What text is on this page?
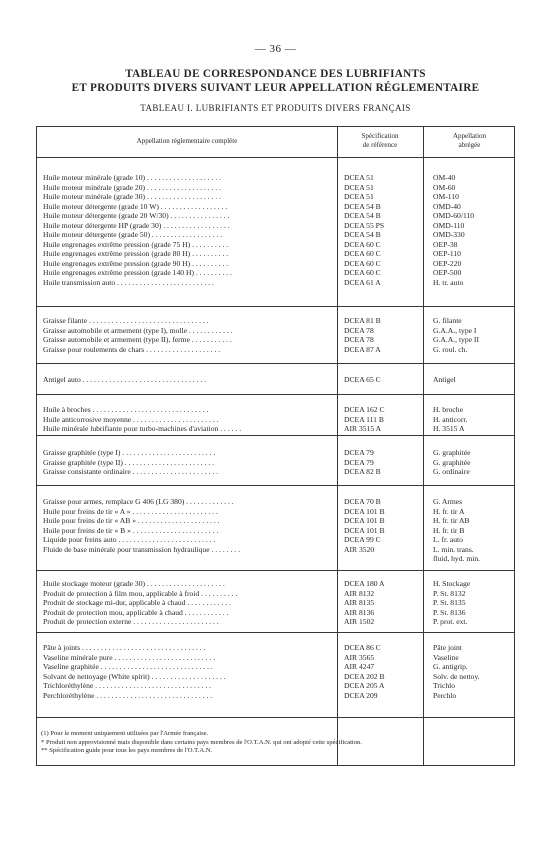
— 36 —
TABLEAU DE CORRESPONDANCE DES LUBRIFIANTS
ET PRODUITS DIVERS SUIVANT LEUR APPELLATION RÉGLEMENTAIRE
TABLEAU I. LUBRIFIANTS ET PRODUITS DIVERS FRANÇAIS
Appellation réglementaire complète
Spécification
de référence
Appellation
abrégée
Huile moteur minérale (grade 10) . . . . . . . . . . . . . . . . . . . .	DCEA 51	OM-40
Huile moteur minérale (grade 20) . . . . . . . . . . . . . . . . . . . .	DCEA 51	OM-60
Huile moteur minérale (grade 30) . . . . . . . . . . . . . . . . . . . .	DCEA 51	OM-110
Huile moteur détergente (grade 10 W) . . . . . . . . . . . . . . . . . .	DCEA 54 B	OMD-40
Huile moteur détergente (grade 20 W/30) . . . . . . . . . . . . . . . .	DCEA 54 B	OMD-60/110
Huile moteur détergente HP (grade 30) . . . . . . . . . . . . . . . . . .	DCEA 55 PS	OMD-110
Huile moteur détergente (grade 50) . . . . . . . . . . . . . . . . . . .	DCEA 54 B	OMD-330
Huile engrenages extrême pression (grade 75 H) . . . . . . . . . .	DCEA 60 C	OEP-38
Huile engrenages extrême pression (grade 80 H) . . . . . . . . . .	DCEA 60 C	OEP-110
Huile engrenages extrême pression (grade 90 H) . . . . . . . . . .	DCEA 60 C	OEP-220
Huile engrenages extrême pression (grade 140 H) . . . . . . . . . .	DCEA 60 C	OEP-500
Huile transmission auto . . . . . . . . . . . . . . . . . . . . . . . . . .	DCEA 61 A	H. tr. auto
Graisse filante . . . . . . . . . . . . . . . . . . . . . . . . . . . . . . . .	DCEA 81 B	G. filante
Graisse automobile et armement (type I), molle . . . . . . . . . . . .	DCEA 78	G.A.A., type I
Graisse automobile et armement (type II), ferme . . . . . . . . . . .	DCEA 78	G.A.A., type II
Graisse pour roulements de chars . . . . . . . . . . . . . . . . . . . .	DCEA 87 A	G. roul. ch.
Antigel auto . . . . . . . . . . . . . . . . . . . . . . . . . . . . . . . . .	DCEA 65 C	Antigel
Huile à broches . . . . . . . . . . . . . . . . . . . . . . . . . . . . . . .	DCEA 162 C	H. broche
Huile anticorrosive moyenne . . . . . . . . . . . . . . . . . . . . . . .	DCEA 111 B	H. anticorr.
Huile minérale lubrifiante pour turbo-machines d'aviation . . . . . .	AIR 3515 A	H. 3515 A
Graisse graphitée (type I) . . . . . . . . . . . . . . . . . . . . . . . . .	DCEA 79	G. graphitée
Graisse graphitée (type II) . . . . . . . . . . . . . . . . . . . . . . . .	DCEA 79	G. graphitée
Graisse consistante ordinaire . . . . . . . . . . . . . . . . . . . . . . .	DCEA 82 B	G. ordinaire
Graisse pour armes, remplace G 406 (LG 380) . . . . . . . . . . . . .	DCEA 70 B	G. Armes
Huile pour freins de tir « A » . . . . . . . . . . . . . . . . . . . . . . .	DCEA 101 B	H. fr. tir A
Huile pour freins de tir « AB » . . . . . . . . . . . . . . . . . . . . . .	DCEA 101 B	H. fr. tir AB
Huile pour freins de tir « B » . . . . . . . . . . . . . . . . . . . . . . .	DCEA 101 B	H. fr. tir B
Liquide pour freins auto . . . . . . . . . . . . . . . . . . . . . . . . . .	DCEA 99 C	L. fr. auto
Fluide de base minérale pour transmission hydraulique . . . . . . . .	AIR 3520	L. min. trans.
fluid, hyd. min.
Huile stockage moteur (grade 30) . . . . . . . . . . . . . . . . . . . . .	DCEA 180 A	H. Stockage
Produit de protection à film mou, applicable à froid . . . . . . . . . .	AIR 8132	P. St. 8132
Produit de stockage mi-dur, applicable à chaud . . . . . . . . . . . .	AIR 8135	P. St. 8135
Produit de protection mou, applicable à chaud . . . . . . . . . . . .	AIR 8136	P. St. 8136
Produit de protection externe . . . . . . . . . . . . . . . . . . . . . . .	AIR 1502	P. prot. ext.
Pâte à joints . . . . . . . . . . . . . . . . . . . . . . . . . . . . . . . . .	DCEA 86 C	Pâte joint
Vaseline minérale pure . . . . . . . . . . . . . . . . . . . . . . . . . . .	AIR 3565	Vaseline
Vaseline graphitée . . . . . . . . . . . . . . . . . . . . . . . . . . . . . .	AIR 4247	G. antigrip.
Solvant de nettoyage (White spirit) . . . . . . . . . . . . . . . . . . . .	DCEA 202 B	Solv. de nettoy.
Trichloréthylène . . . . . . . . . . . . . . . . . . . . . . . . . . . . . . .	DCEA 205 A	Trichlo
Perchloréthylène . . . . . . . . . . . . . . . . . . . . . . . . . . . . . . .	DCEA 209	Perchlo
(1) Pour le moment uniquement utilisées par l'Armée française.
* Produit non approvisionné mais disponible dans certains pays membres de l'O.T.A.N. qui ont adopté cette spécification.
** Spécification guide pour tous les pays membres de l'O.T.A.N.
